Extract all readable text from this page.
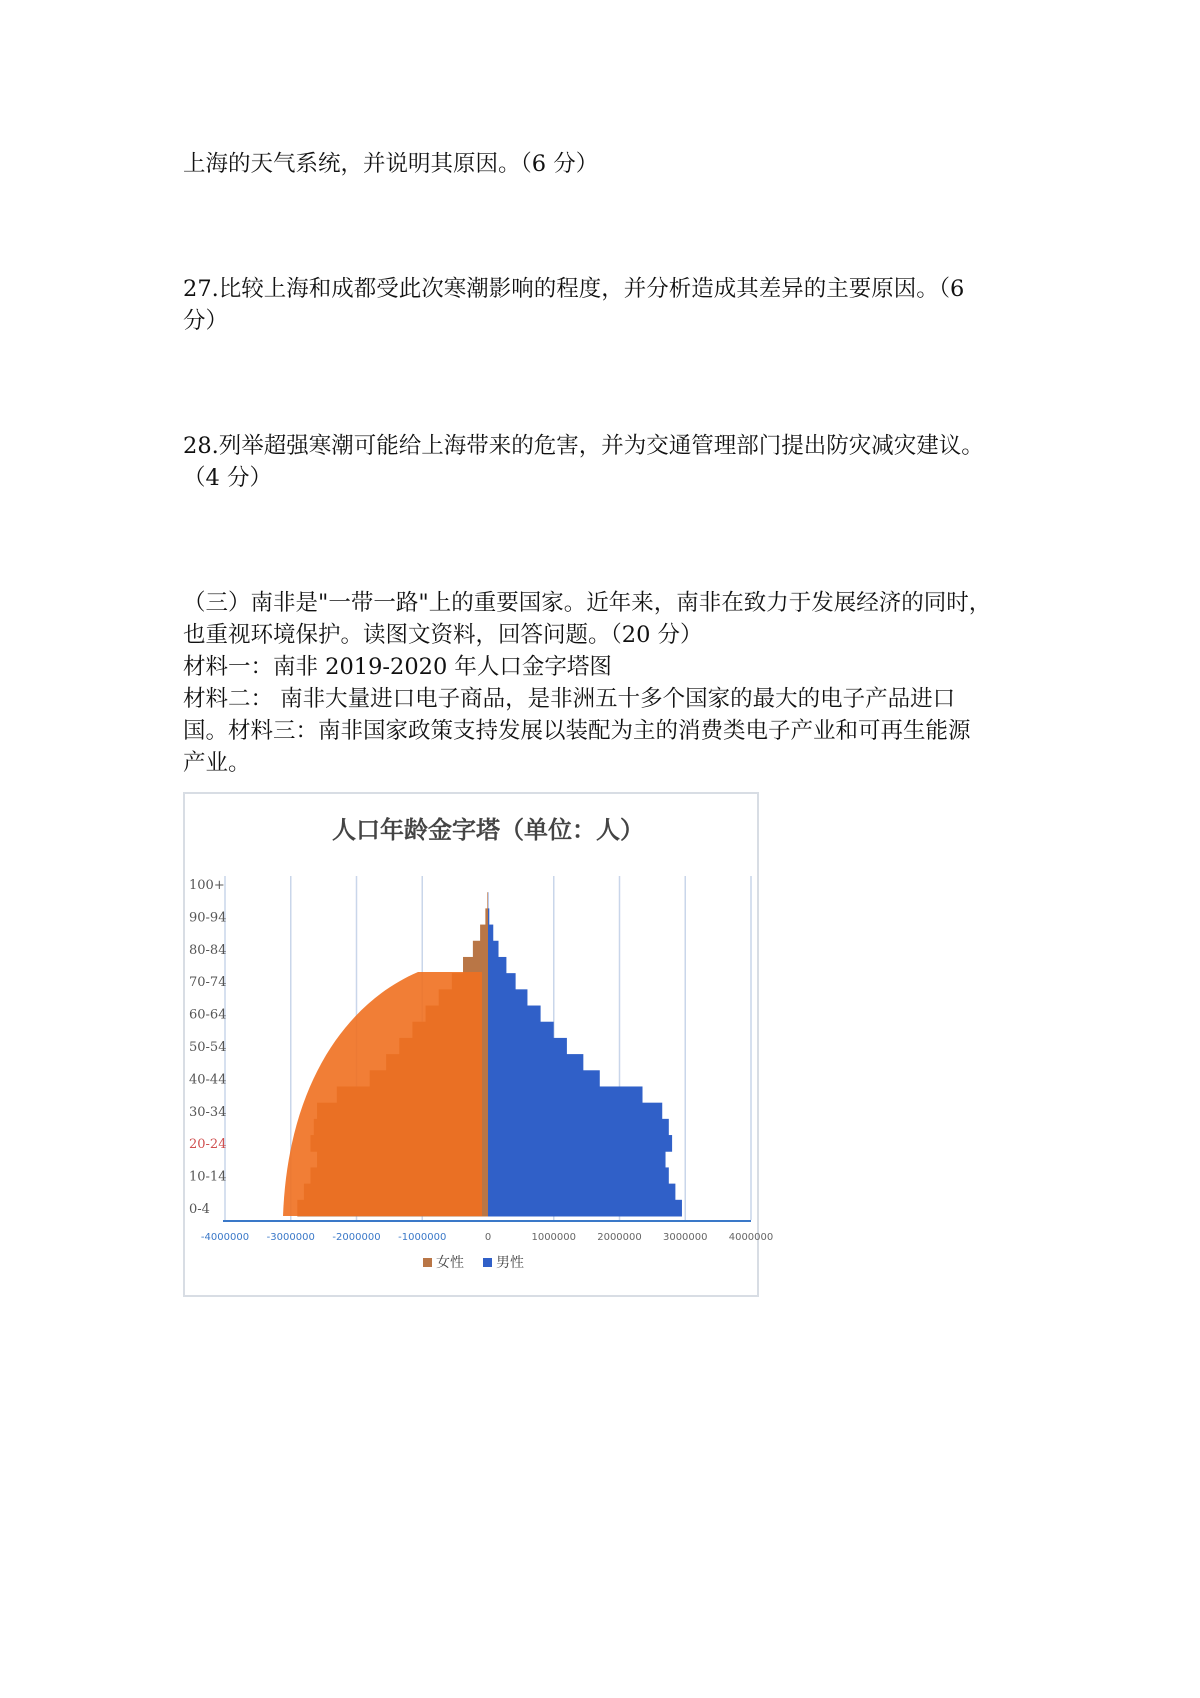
上海的天气系统，并说明其原因。（6 分）

27.比较上海和成都受此次寒潮影响的程度，并分析造成其差异的主要原因。（6
分）

28.列举超强寒潮可能给上海带来的危害，并为交通管理部门提出防灾减灾建议。
（4 分）

（三）南非是"一带一路"上的重要国家。近年来，南非在致力于发展经济的同时，
也重视环境保护。读图文资料，回答问题。（20 分）
材料一：南非 2019-2020 年人口金字塔图
材料二： 南非大量进口电子商品，是非洲五十多个国家的最大的电子产品进口
国。材料三：南非国家政策支持发展以装配为主的消费类电子产业和可再生能源
产业。

人口年龄金字塔（单位：人）
0-4
10-14
20-24
30-34
40-44
50-54
60-64
70-74
80-84
90-94
100+
-4000000 -3000000 -2000000 -1000000	0	1000000 2000000 3000000 4000000
女性 男性
